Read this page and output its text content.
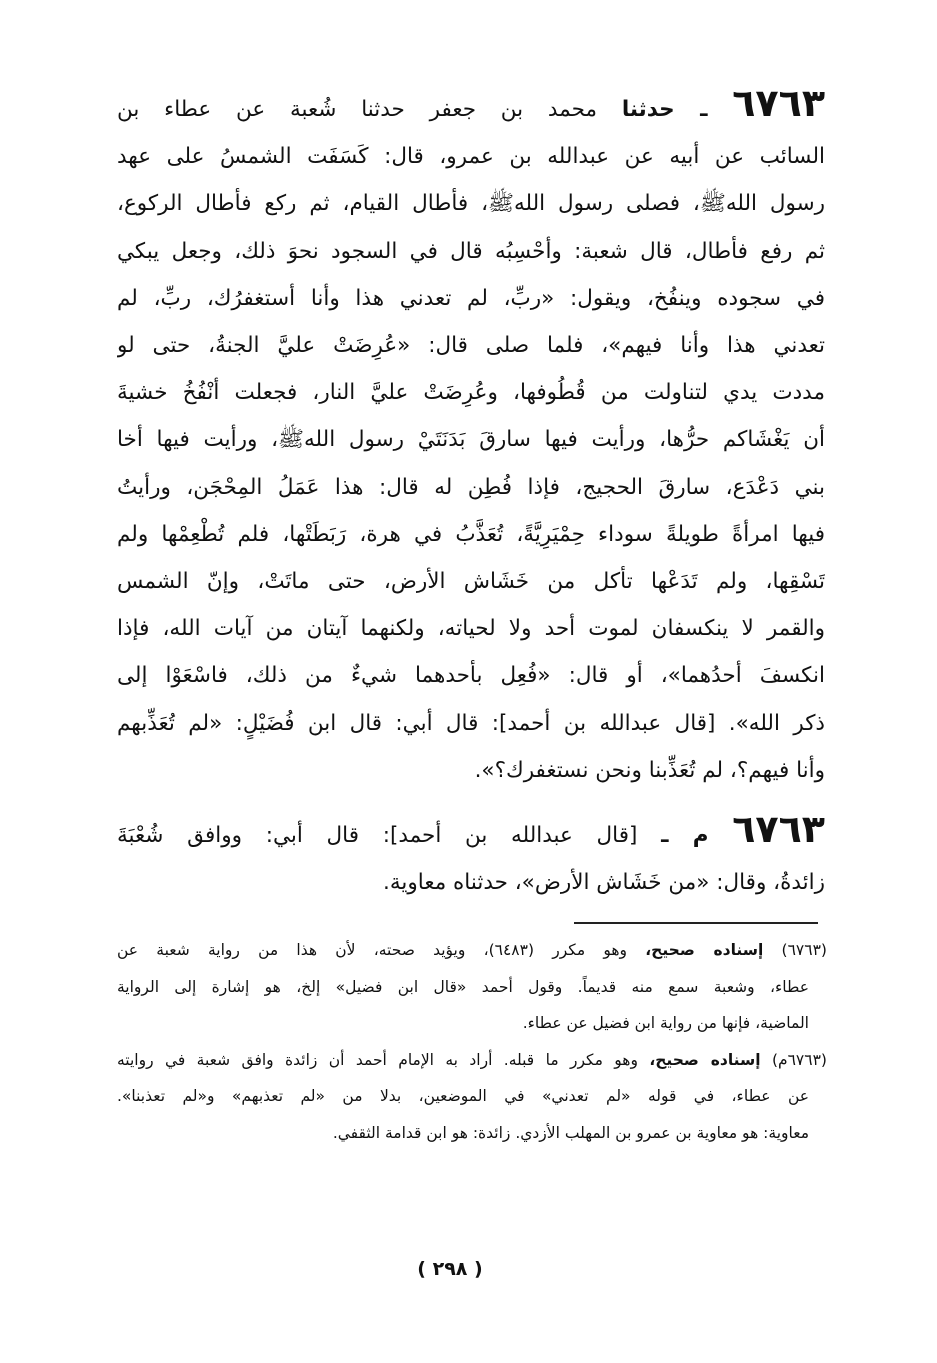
٦٧٦٣ ـ حدثنا محمد بن جعفر حدثنا شُعبة عن عطاء بن
السائب عن أبيه عن عبدالله بن عمرو، قال: كَسَفَت الشمسُ على عهد
رسول اللهﷺ، فصلى رسول اللهﷺ، فأطال القيام، ثم ركع فأطال الركوع،
ثم رفع فأطال، قال شعبة: وأحْسِبُه قال في السجود نحوَ ذلك، وجعل يبكي
في سجوده وينفُخ، ويقول: «ربِّ، لم تعدني هذا وأنا أستغفرُك، ربِّ، لم
تعدني هذا وأنا فيهم»، فلما صلى قال: «عُرِضَتْ عليَّ الجنةُ، حتى لو
مددت يدي لتناولت من قُطُوفها، وعُرِضَتْ عليَّ النار، فجعلت أنْفُخُ خشيةَ
أن يَغْشَاكم حرُّها، ورأيت فيها سارقَ بَدَنَتَيْ رسول اللهﷺ، ورأيت فيها أخا
بني دَعْدَع، سارقَ الحجيج، فإذا فُطِن له قال: هذا عَمَلُ المِحْجَن، ورأيتُ
فيها امرأةً طويلةً سوداء حِمْيَرِيَّةً، تُعَذَّبُ في هرة، رَبَطَتْها، فلم تُطْعِمْها ولم
تَسْقِها، ولم تَدَعْها تأكل من خَشَاش الأرض، حتى ماتَتْ، وإنّ الشمس
والقمر لا ينكسفان لموت أحد ولا لحياته، ولكنهما آيتان من آيات الله، فإذا
انكسفَ أحدُهما»، أو قال: «فُعِل بأحدهما شيءٌ من ذلك، فاسْعَوْا إلى
ذكر الله». [قال عبدالله بن أحمد]: قال أبي: قال ابن فُضَيْلٍ: «لم تُعَذِّبهم
وأنا فيهم؟، لم تُعَذِّبنا ونحن نستغفرك؟».
٦٧٦٣ م ـ [قال عبدالله بن أحمد]: قال أبي: ووافق شُعْبَةَ
زائدةُ، وقال: «من خَشَاش الأرض»، حدثناه معاوية.
(٦٧٦٣) إسناده صحيح، وهو مكرر (٦٤٨٣)، ويؤيد صحته، لأن هذا من رواية شعبة عن
عطاء، وشعبة سمع منه قديماً. وقول أحمد «قال ابن فضيل» إلخ، هو إشارة إلى الرواية
الماضية، فإنها من رواية ابن فضيل عن عطاء.
(٦٧٦٣م) إسناده صحيح، وهو مكرر ما قبله. أراد به الإمام أحمد أن زائدة وافق شعبة في روايته
عن عطاء، في قوله «لم تعدني» في الموضعين، بدلا من «لم تعذبهم» و«لم تعذبنا».
معاوية: هو معاوية بن عمرو بن المهلب الأزدي. زائدة: هو ابن قدامة الثقفي.
( ٢٩٨ )
